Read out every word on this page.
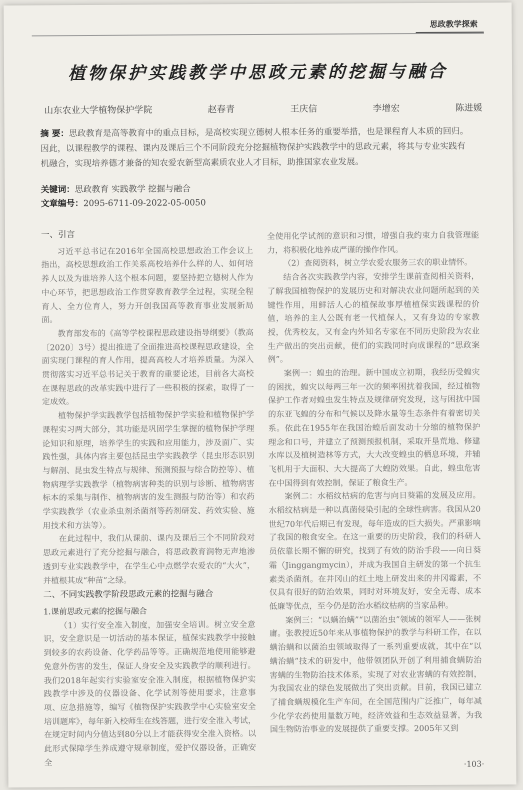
思政教学探索
植物保护实践教学中思政元素的挖掘与融合
山东农业大学植物保护学院	赵春青	王庆信	李增宏	陈进媛
摘 要：思政教育是高等教育中的重点目标，是高校实现立德树人根本任务的重要举措，也是课程育人本质的回归。因此，以课程教学的课程、课内及课后三个不同阶段充分挖掘植物保护实践教学中的思政元素，将其与专业实践有机融合，实现培养德才兼备的知农爱农新型高素质农业人才目标，助推国家农业发展。
关键词：思政教育 实践教学 挖掘与融合
文章编号：2095-6711-09-2022-05-0050
一、引言

习近平总书记在2016年全国高校思想政治工作会议上指出，高校思想政治工作关系高校培养什么样的人、如何培养人以及为谁培养人这个根本问题，要坚持把立德树人作为中心环节，把思想政治工作贯穿教育教学全过程，实现全程育人、全方位育人，努力开创我国高等教育事业发展新局面。

教育部发布的《高等学校课程思政建设指导纲要》（教高〔2020〕3号）提出推进了全面推进高校课程思政建设，全面实现门课程的育人作用，提高高校人才培养质量。为深入贯彻落实习近平总书记关于教育的重要论述，目前各大高校在课程思政的改革实践中进行了一些积极的探索，取得了一定成效。

植物保护学实践教学包括植物保护学实验和植物保护学课程实习两大部分，其功能是巩固学生掌握的植物保护学理论知识和原理，培养学生的实践和应用能力，涉及面广、实践性强，具体内容主要包括昆虫学实践教学（昆虫形态识别与解剖、昆虫发生特点与规律、预测预报与综合防控等）、植物病理学实践教学（植物病害种类的识别与诊断、植物病害标本的采集与制作、植物病害的发生测报与防治等）和农药学实践教学（农业杀虫剂杀菌剂等药剂研发、药效实验、施用技术和方法等）。

在此过程中，我们从课前、课内及课后三个不同阶段对思政元素进行了充分挖掘与融合，将思政教育润物无声地渗透到专业实践教学中，在学生心中点燃学农爱农的“大火”，并植根其成“种苗”之绿。

二、不同实践教学阶段思政元素的挖掘与融合
1.课前思政元素的挖掘与融合

（1）实行安全准入制度，加强安全培训。树立安全意识，安全意识是一切活动的基本保证，植保实践教学中接触到较多的农药设备、化学药品等等。正确规范地使用能够避免意外伤害的发生，保证人身安全及实践教学的顺利进行。我们2018年起实行实验室安全准入制度，根据植物保护实践教学中涉及的仪器设备、化学试剂等使用要求，注意事项、应急措施等，编写《植物保护实践教学中心实验室安全培训题库》，每年新入校师生在线答题，进行安全准入考试，在规定时间内分值达到80分以上才能获得安全准入资格。以此形式保障学生养成遵守规章制度，爱护仪器设备，正确安全

全使用化学试剂的意识和习惯，增强自我约束力自我管理能力，将积极化地养成严谨的操作作风。

（2）查阅资料，树立学农爱农服务三农的职业情怀。

结合各次实践教学内容，安排学生课前查阅相关资料，了解我国植物保护的发展历史和对解决农业问题所起到的关键性作用，用鲜活人心的植保故事厚植植保实践课程的价值，培养的主人公既有老一代植保人，又有身边的专家教授，优秀校友，又有金内外知名专家在不同历史阶段为农业生产做出的突出贡献，使们的实践同时向成课程的“思政案例”。

案例一：蝗虫的治理。新中国成立初期，我经历受蝗灾的困扰，蝗灾以每两三年一次的频率困扰着我国，经过植物保护工作者对蝗虫发生特点及规律研究发现，这与困扰中国的东亚飞蝗的分布和气候以及降水量等生态条件有着密切关系。依此在1955年在我国治蝗后面发动十分缩的植物保护理念和口号，并建立了预测预报机制，采取开垦荒地、修建水库以及植树造林等方式，大大改变蝗虫的栖息环境，并辅飞机用于大面积、大大提高了大蝗防效果。自此，蝗虫危害在中国得到有效控制，保证了粮食生产。

案例二：水稻纹枯病的危害与向日葵霜的发展及应用。水稻纹枯病是一种以真菌侵染引起的全球性病害。我国从20世纪70年代后期已有发现，每年造成的巨大损失。严重影响了我国的粮食安全。在这一重要的历史阶段，我们的科研人员依靠长期不懈的研究，找到了有效的防治手段——向日葵霜（Jinggangmycin），并成为我国自主研发的第一个抗生素类杀菌剂。在井冈山的红土地上研发出来的井冈霉素，不仅具有很好的防治效果，同时对环境友好，安全无毒、成本低廉等优点，至今仍是防治水稻纹枯病的当家品种。

案例三：“以螨治螨”“以菌治虫”领域的领军人——张树庸。张教授近50年来从事植物保护的教学与科研工作，在以螨治螨和以菌治虫领域取得了一系列重要成就，其中在“以螨治螨”技术的研发中，他带领团队开创了利用捕食螨防治害螨的生物防治技术体系，实现了对农业害螨的有效控制，为我国农业的绿色发展做出了突出贡献。目前，我国已建立了捕食螨规模化生产车间，在全国范围内广泛推广，每年减少化学农药使用量数万吨，经济效益和生态效益显著，为我国生物防治事业的发展提供了重要支撑。2005年又到

·103·
